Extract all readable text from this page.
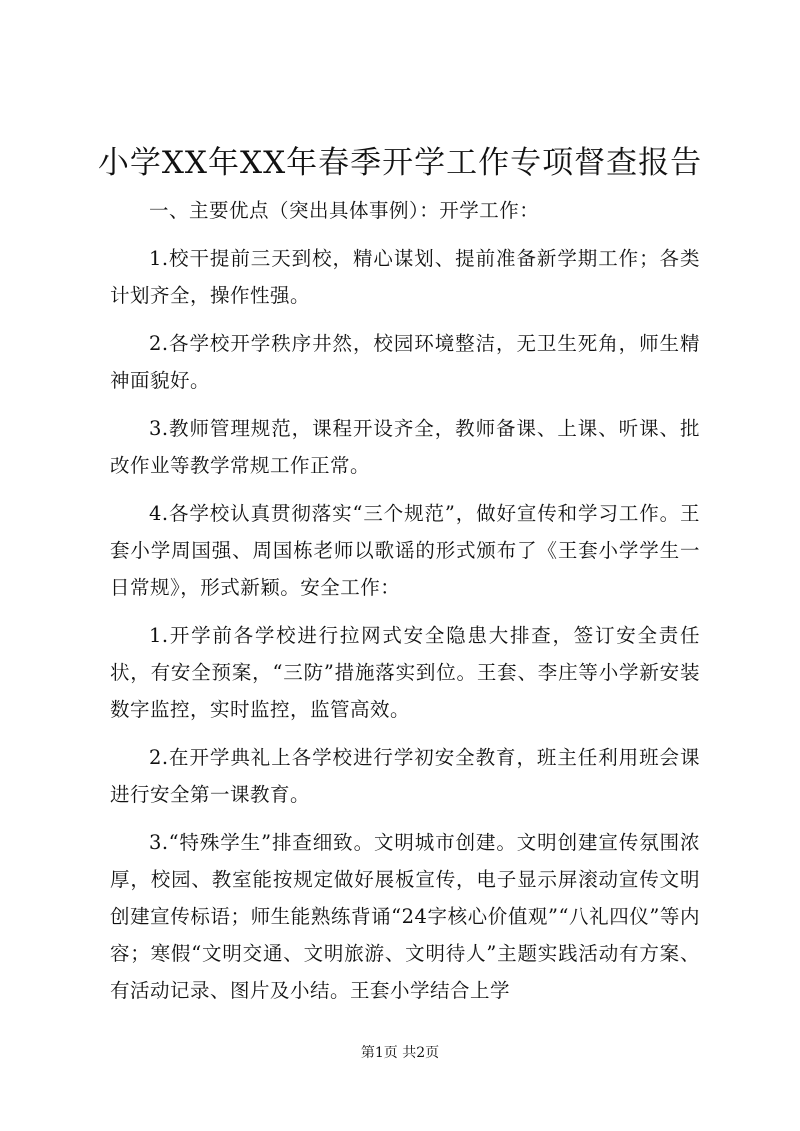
小学XX年XX年春季开学工作专项督查报告

一、主要优点（突出具体事例）：开学工作：

1.校干提前三天到校，精心谋划、提前准备新学期工作；各类计划齐全，操作性强。

2.各学校开学秩序井然，校园环境整洁，无卫生死角，师生精神面貌好。

3.教师管理规范，课程开设齐全，教师备课、上课、听课、批改作业等教学常规工作正常。

4.各学校认真贯彻落实“三个规范”，做好宣传和学习工作。王套小学周国强、周国栋老师以歌谣的形式颁布了《王套小学学生一日常规》，形式新颖。安全工作：

1.开学前各学校进行拉网式安全隐患大排查，签订安全责任状，有安全预案，“三防”措施落实到位。王套、李庄等小学新安装数字监控，实时监控，监管高效。

2.在开学典礼上各学校进行学初安全教育，班主任利用班会课进行安全第一课教育。

3.“特殊学生”排查细致。文明城市创建。文明创建宣传氛围浓厚，校园、教室能按规定做好展板宣传，电子显示屏滚动宣传文明创建宣传标语；师生能熟练背诵“24字核心价值观”“八礼四仪”等内容；寒假“文明交通、文明旅游、文明待人”主题实践活动有方案、有活动记录、图片及小结。王套小学结合上学

第1页 共2页
